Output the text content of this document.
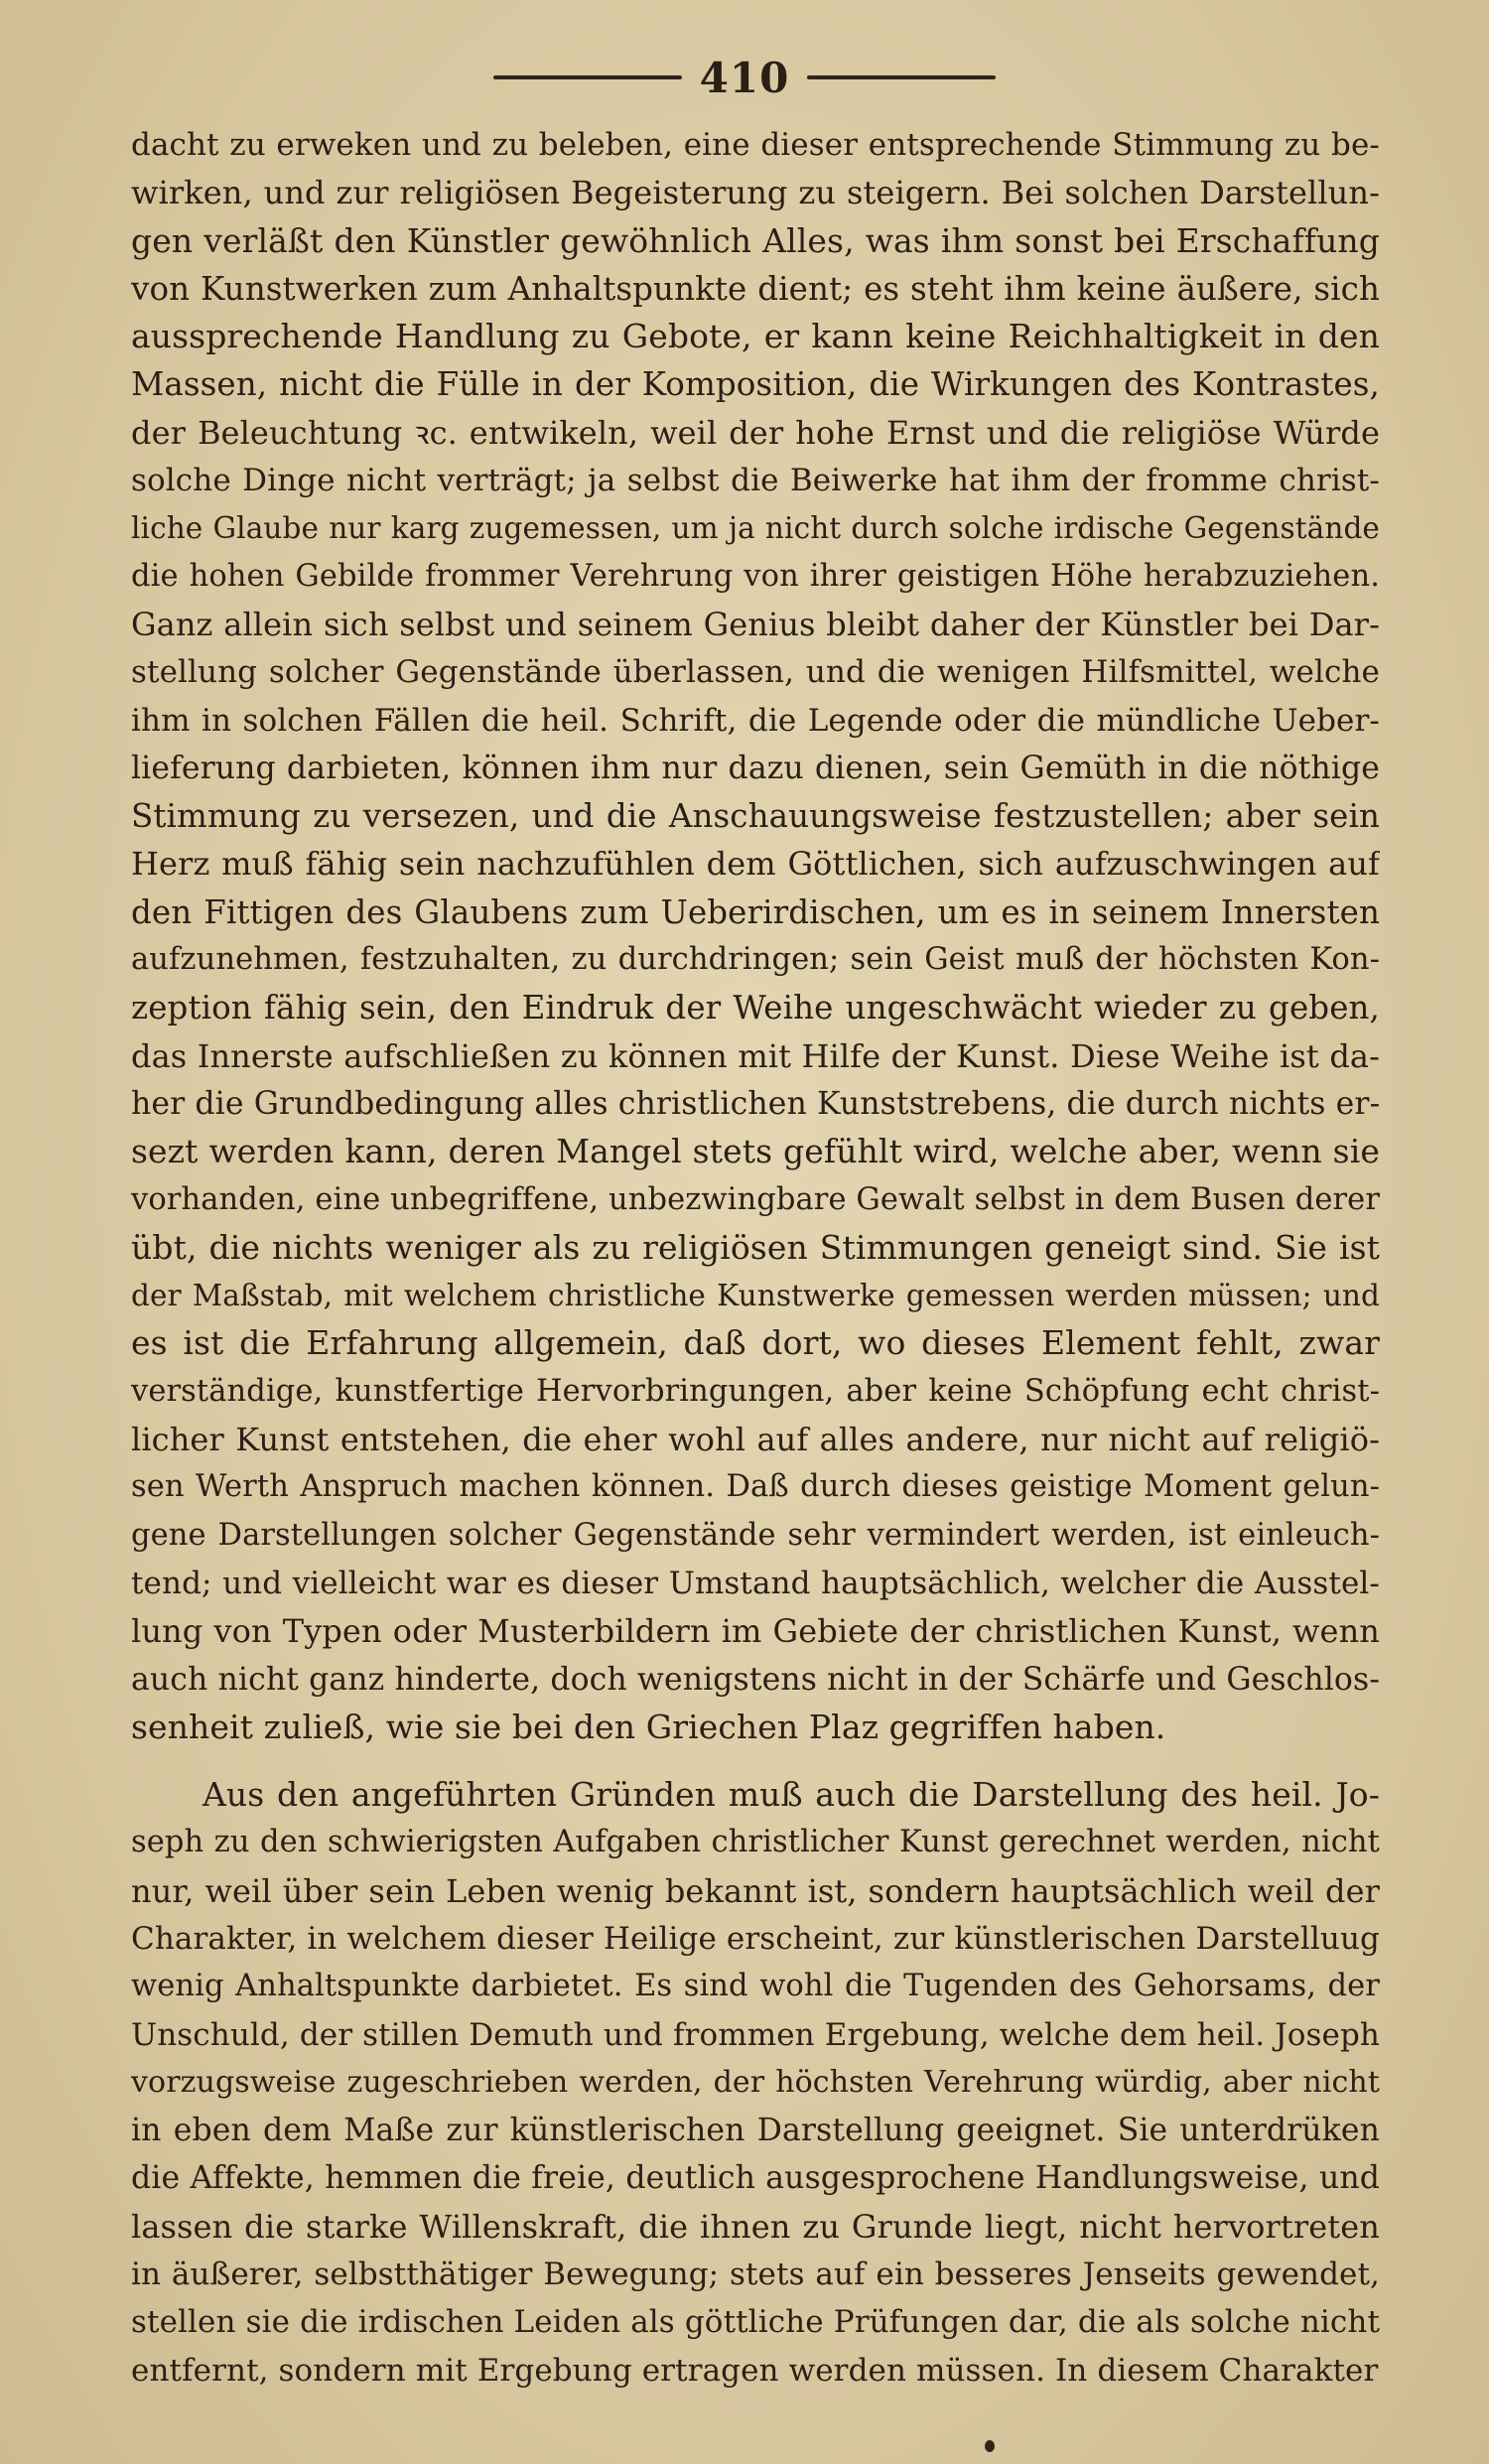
410
dacht zu erweken und zu beleben, eine dieser entsprechende Stimmung zu be-
wirken, und zur religiösen Begeisterung zu steigern. Bei solchen Darstellun-
gen verläßt den Künstler gewöhnlich Alles, was ihm sonst bei Erschaffung
von Kunstwerken zum Anhaltspunkte dient; es steht ihm keine äußere, sich
aussprechende Handlung zu Gebote, er kann keine Reichhaltigkeit in den
Massen, nicht die Fülle in der Komposition, die Wirkungen des Kontrastes,
der Beleuchtung ꝛc. entwikeln, weil der hohe Ernst und die religiöse Würde
solche Dinge nicht verträgt; ja selbst die Beiwerke hat ihm der fromme christ-
liche Glaube nur karg zugemessen, um ja nicht durch solche irdische Gegenstände
die hohen Gebilde frommer Verehrung von ihrer geistigen Höhe herabzuziehen.
Ganz allein sich selbst und seinem Genius bleibt daher der Künstler bei Dar-
stellung solcher Gegenstände überlassen, und die wenigen Hilfsmittel, welche
ihm in solchen Fällen die heil. Schrift, die Legende oder die mündliche Ueber-
lieferung darbieten, können ihm nur dazu dienen, sein Gemüth in die nöthige
Stimmung zu versezen, und die Anschauungsweise festzustellen; aber sein
Herz muß fähig sein nachzufühlen dem Göttlichen, sich aufzuschwingen auf
den Fittigen des Glaubens zum Ueberirdischen, um es in seinem Innersten
aufzunehmen, festzuhalten, zu durchdringen; sein Geist muß der höchsten Kon-
zeption fähig sein, den Eindruk der Weihe ungeschwächt wieder zu geben,
das Innerste aufschließen zu können mit Hilfe der Kunst. Diese Weihe ist da-
her die Grundbedingung alles christlichen Kunststrebens, die durch nichts er-
sezt werden kann, deren Mangel stets gefühlt wird, welche aber, wenn sie
vorhanden, eine unbegriffene, unbezwingbare Gewalt selbst in dem Busen derer
übt, die nichts weniger als zu religiösen Stimmungen geneigt sind. Sie ist
der Maßstab, mit welchem christliche Kunstwerke gemessen werden müssen; und
es ist die Erfahrung allgemein, daß dort, wo dieses Element fehlt, zwar
verständige, kunstfertige Hervorbringungen, aber keine Schöpfung echt christ-
licher Kunst entstehen, die eher wohl auf alles andere, nur nicht auf religiö-
sen Werth Anspruch machen können. Daß durch dieses geistige Moment gelun-
gene Darstellungen solcher Gegenstände sehr vermindert werden, ist einleuch-
tend; und vielleicht war es dieser Umstand hauptsächlich, welcher die Ausstel-
lung von Typen oder Musterbildern im Gebiete der christlichen Kunst, wenn
auch nicht ganz hinderte, doch wenigstens nicht in der Schärfe und Geschlos-
senheit zuließ, wie sie bei den Griechen Plaz gegriffen haben.
Aus den angeführten Gründen muß auch die Darstellung des heil. Jo-
seph zu den schwierigsten Aufgaben christlicher Kunst gerechnet werden, nicht
nur, weil über sein Leben wenig bekannt ist, sondern hauptsächlich weil der
Charakter, in welchem dieser Heilige erscheint, zur künstlerischen Darstelluug
wenig Anhaltspunkte darbietet. Es sind wohl die Tugenden des Gehorsams, der
Unschuld, der stillen Demuth und frommen Ergebung, welche dem heil. Joseph
vorzugsweise zugeschrieben werden, der höchsten Verehrung würdig, aber nicht
in eben dem Maße zur künstlerischen Darstellung geeignet. Sie unterdrüken
die Affekte, hemmen die freie, deutlich ausgesprochene Handlungsweise, und
lassen die starke Willenskraft, die ihnen zu Grunde liegt, nicht hervortreten
in äußerer, selbstthätiger Bewegung; stets auf ein besseres Jenseits gewendet,
stellen sie die irdischen Leiden als göttliche Prüfungen dar, die als solche nicht
entfernt, sondern mit Ergebung ertragen werden müssen. In diesem Charakter
